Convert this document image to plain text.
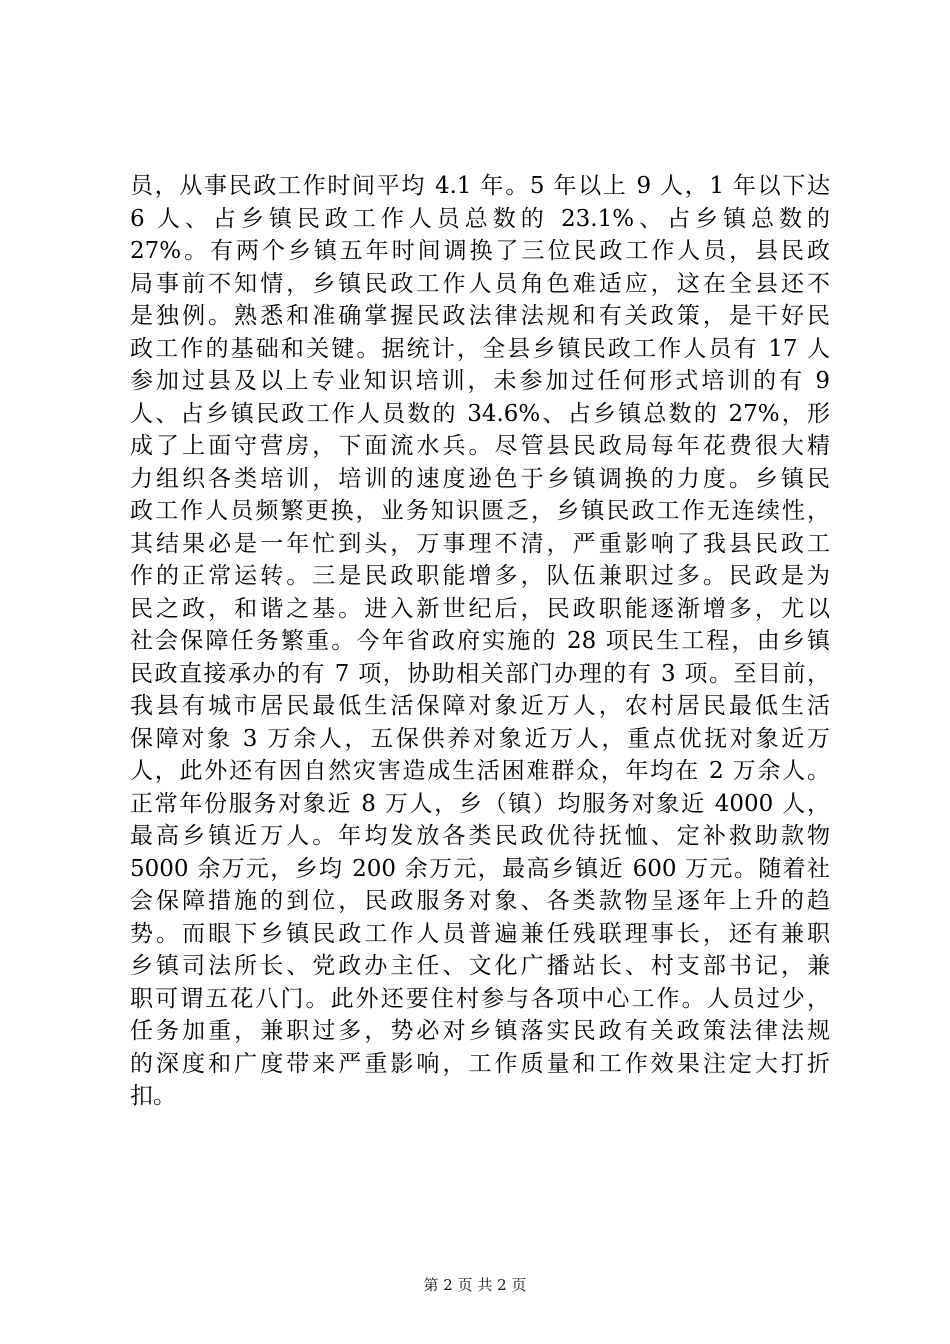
员，从事民政工作时间平均 4.1 年。5 年以上 9 人，1 年以下达
6 人、占乡镇民政工作人员总数的 23.1%、占乡镇总数的
27%。有两个乡镇五年时间调换了三位民政工作人员，县民政
局事前不知情，乡镇民政工作人员角色难适应，这在全县还不
是独例。熟悉和准确掌握民政法律法规和有关政策，是干好民
政工作的基础和关键。据统计，全县乡镇民政工作人员有 17 人
参加过县及以上专业知识培训，未参加过任何形式培训的有 9
人、占乡镇民政工作人员数的 34.6%、占乡镇总数的 27%，形
成了上面守营房，下面流水兵。尽管县民政局每年花费很大精
力组织各类培训，培训的速度逊色于乡镇调换的力度。乡镇民
政工作人员频繁更换，业务知识匮乏，乡镇民政工作无连续性，
其结果必是一年忙到头，万事理不清，严重影响了我县民政工
作的正常运转。三是民政职能增多，队伍兼职过多。民政是为
民之政，和谐之基。进入新世纪后，民政职能逐渐增多，尤以
社会保障任务繁重。今年省政府实施的 28 项民生工程，由乡镇
民政直接承办的有 7 项，协助相关部门办理的有 3 项。至目前，
我县有城市居民最低生活保障对象近万人，农村居民最低生活
保障对象 3 万余人，五保供养对象近万人，重点优抚对象近万
人，此外还有因自然灾害造成生活困难群众，年均在 2 万余人。
正常年份服务对象近 8 万人，乡（镇）均服务对象近 4000 人，
最高乡镇近万人。年均发放各类民政优待抚恤、定补救助款物
5000 余万元，乡均 200 余万元，最高乡镇近 600 万元。随着社
会保障措施的到位，民政服务对象、各类款物呈逐年上升的趋
势。而眼下乡镇民政工作人员普遍兼任残联理事长，还有兼职
乡镇司法所长、党政办主任、文化广播站长、村支部书记，兼
职可谓五花八门。此外还要住村参与各项中心工作。人员过少，
任务加重，兼职过多，势必对乡镇落实民政有关政策法律法规
的深度和广度带来严重影响，工作质量和工作效果注定大打折
扣。
第 2 页 共 2 页
